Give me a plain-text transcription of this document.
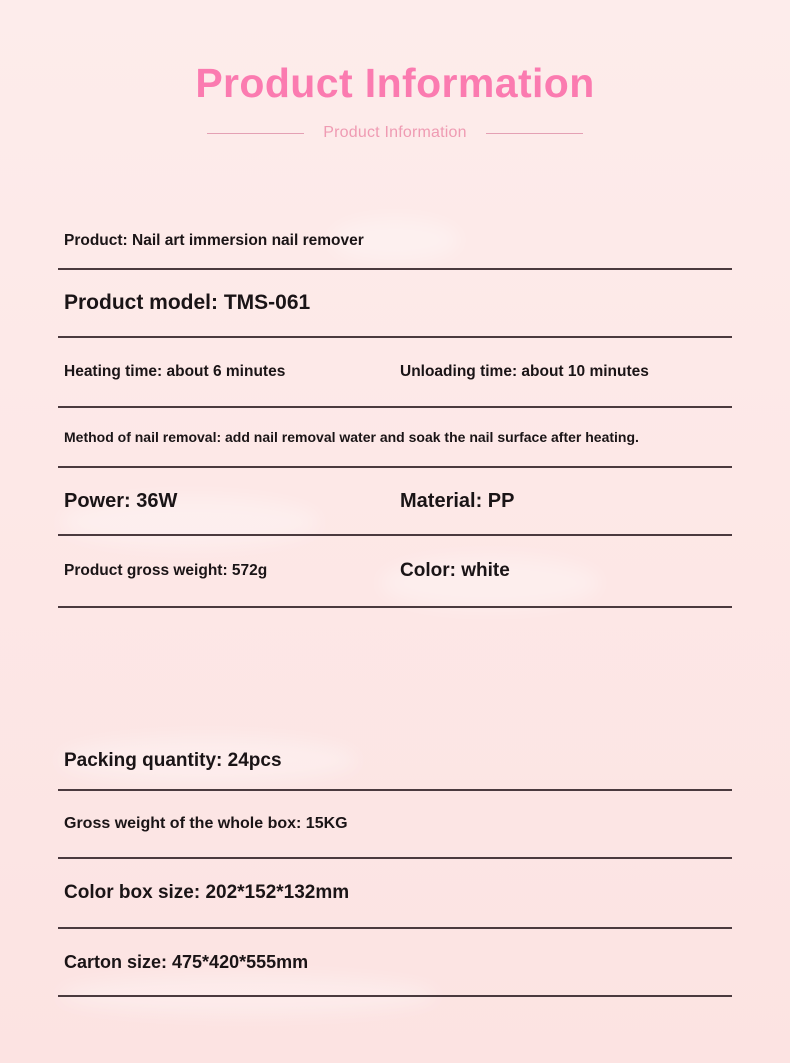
Product Information
Product Information
Product: Nail art immersion nail remover
Product model: TMS-061
Heating time: about 6 minutes	Unloading time: about 10 minutes
Method of nail removal: add nail removal water and soak the nail surface after heating.
Power: 36W	Material: PP
Product gross weight: 572g	Color: white
Packing quantity: 24pcs
Gross weight of the whole box: 15KG
Color box size: 202*152*132mm
Carton size: 475*420*555mm
